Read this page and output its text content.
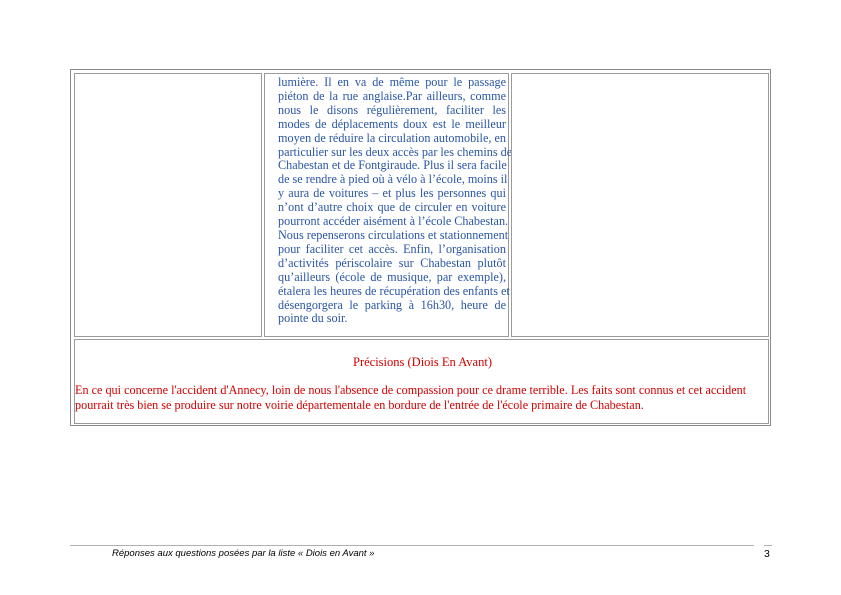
lumière. Il en va de même pour le passage
piéton de la rue anglaise.Par ailleurs, comme
nous le disons régulièrement, faciliter les
modes de déplacements doux est le meilleur
moyen de réduire la circulation automobile, en
particulier sur les deux accès par les chemins de
Chabestan et de Fontgiraude. Plus il sera facile
de se rendre à pied où à vélo à l’école, moins il
y aura de voitures – et plus les personnes qui
n’ont d’autre choix que de circuler en voiture
pourront accéder aisément à l’école Chabestan.
Nous repenserons circulations et stationnement
pour faciliter cet accès. Enfin, l’organisation
d’activités périscolaire sur Chabestan plutôt
qu’ailleurs (école de musique, par exemple),
étalera les heures de récupération des enfants et
désengorgera le parking à 16h30, heure de
pointe du soir.
Précisions (Diois En Avant)
En ce qui concerne l'accident d'Annecy, loin de nous l'absence de compassion pour ce drame terrible. Les faits sont connus et cet accident
pourrait très bien se produire sur notre voirie départementale en bordure de l'entrée de l'école primaire de Chabestan.
Réponses aux questions posées par la liste « Diois en Avant »	3
